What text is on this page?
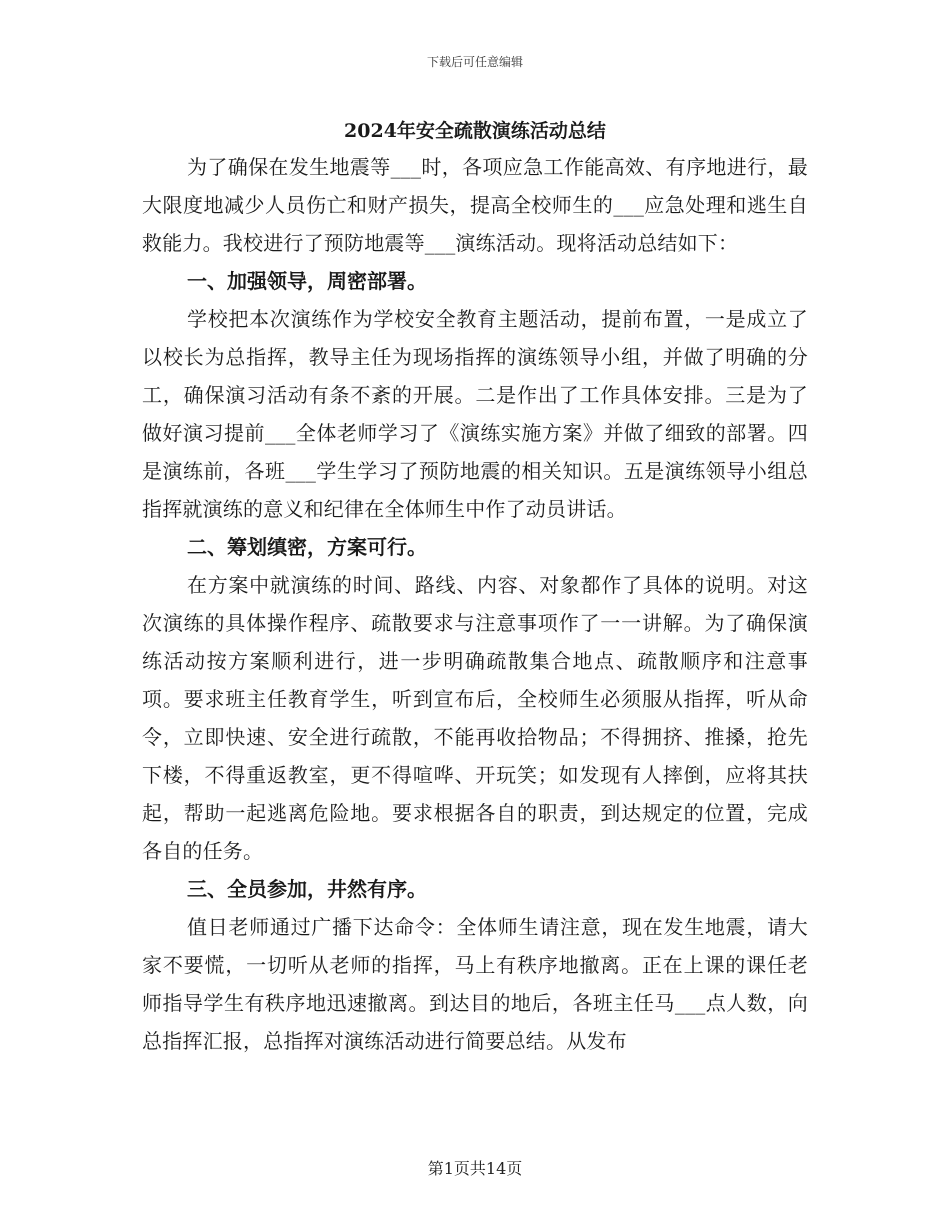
下载后可任意编辑
2024年安全疏散演练活动总结

为了确保在发生地震等___时，各项应急工作能高效、有序地进行，最大限度地减少人员伤亡和财产损失，提高全校师生的___应急处理和逃生自救能力。我校进行了预防地震等___演练活动。现将活动总结如下：

一、加强领导，周密部署。

学校把本次演练作为学校安全教育主题活动，提前布置，一是成立了以校长为总指挥，教导主任为现场指挥的演练领导小组，并做了明确的分工，确保演习活动有条不紊的开展。二是作出了工作具体安排。三是为了做好演习提前___全体老师学习了《演练实施方案》并做了细致的部署。四是演练前，各班___学生学习了预防地震的相关知识。五是演练领导小组总指挥就演练的意义和纪律在全体师生中作了动员讲话。

二、筹划缜密，方案可行。

在方案中就演练的时间、路线、内容、对象都作了具体的说明。对这次演练的具体操作程序、疏散要求与注意事项作了一一讲解。为了确保演练活动按方案顺利进行，进一步明确疏散集合地点、疏散顺序和注意事项。要求班主任教育学生，听到宣布后，全校师生必须服从指挥，听从命令，立即快速、安全进行疏散，不能再收拾物品；不得拥挤、推搡，抢先下楼，不得重返教室，更不得喧哗、开玩笑；如发现有人摔倒，应将其扶起，帮助一起逃离危险地。要求根据各自的职责，到达规定的位置，完成各自的任务。

三、全员参加，井然有序。

值日老师通过广播下达命令：全体师生请注意，现在发生地震，请大家不要慌，一切听从老师的指挥，马上有秩序地撤离。正在上课的课任老师指导学生有秩序地迅速撤离。到达目的地后，各班主任马___点人数，向总指挥汇报，总指挥对演练活动进行简要总结。从发布

第1页共14页
